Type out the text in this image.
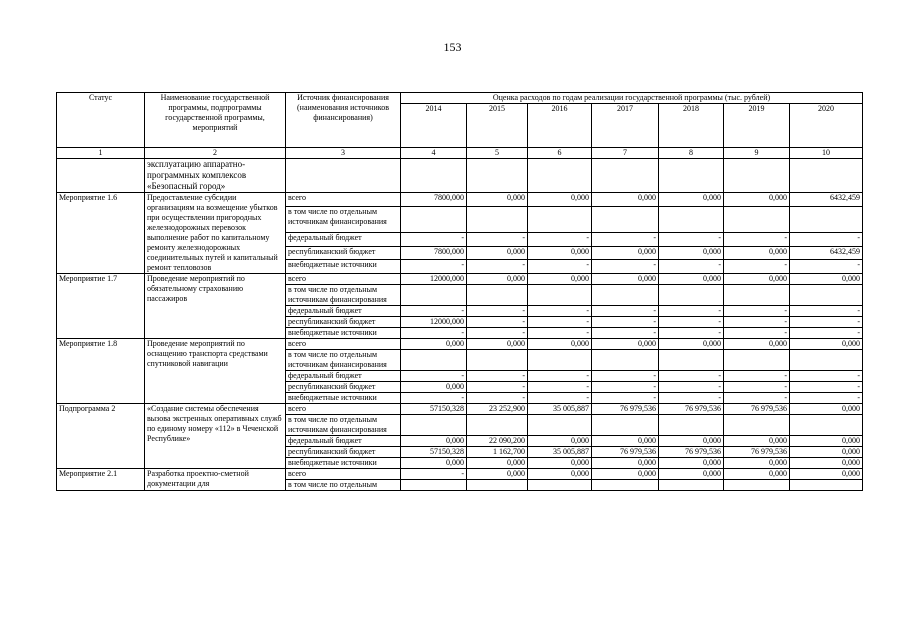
153
Статус	Наименование государственной программы, подпрограммы государственной программы, мероприятий	Источник финансирования (наименования источников финансирования)	Оценка расходов по годам реализации государственной программы (тыс. рублей)						
			2014	2015	2016	2017	2018	2019	2020
1	2	3	4	5	6	7	8	9	10
	эксплуатацию аппаратно-программных комплексов «Безопасный город»								
Мероприятие 1.6	Предоставление субсидии организациям на возмещение убытков при осуществлении пригородных железнодорожных перевозок выполнение работ по капитальному ремонту железнодорожных соединительных путей и капитальный ремонт тепловозов	всего	7800,000	0,000	0,000	0,000	0,000	0,000	6432,459
		в том числе по отдельным источникам финансирования							
		федеральный бюджет	-	-	-	-	-	-	-
		республиканский бюджет	7800,000	0,000	0,000	0,000	0,000	0,000	6432,459
		внебюджетные источники	-	-	-	-	-	-	-
Мероприятие 1.7	Проведение мероприятий по обязательному страхованию пассажиров	всего	12000,000	0,000	0,000	0,000	0,000	0,000	0,000
		в том числе по отдельным источникам финансирования							
		федеральный бюджет	-	-	-	-	-	-	-
		республиканский бюджет	12000,000	-	-	-	-	-	-
		внебюджетные источники	-	-	-	-	-	-	-
Мероприятие 1.8	Проведение мероприятий по оснащению транспорта средствами спутниковой навигации	всего	0,000	0,000	0,000	0,000	0,000	0,000	0,000
		в том числе по отдельным источникам финансирования							
		федеральный бюджет	-	-	-	-	-	-	-
		республиканский бюджет	0,000	-	-	-	-	-	-
		внебюджетные источники	-	-	-	-	-	-	-
Подпрограмма 2	«Создание системы обеспечения вызова экстренных оперативных служб по единому номеру «112» в Чеченской Республике»	всего	57150,328	23 252,900	35 005,887	76 979,536	76 979,536	76 979,536	0,000
		в том числе по отдельным источникам финансирования							
		федеральный бюджет	0,000	22 090,200	0,000	0,000	0,000	0,000	0,000
		республиканский бюджет	57150,328	1 162,700	35 005,887	76 979,536	76 979,536	76 979,536	0,000
		внебюджетные источники	0,000	0,000	0,000	0,000	0,000	0,000	0,000
Мероприятие 2.1	Разработка проектно-сметной документации для	всего	-	0,000	0,000	0,000	0,000	0,000	0,000
		в том числе по отдельным							
